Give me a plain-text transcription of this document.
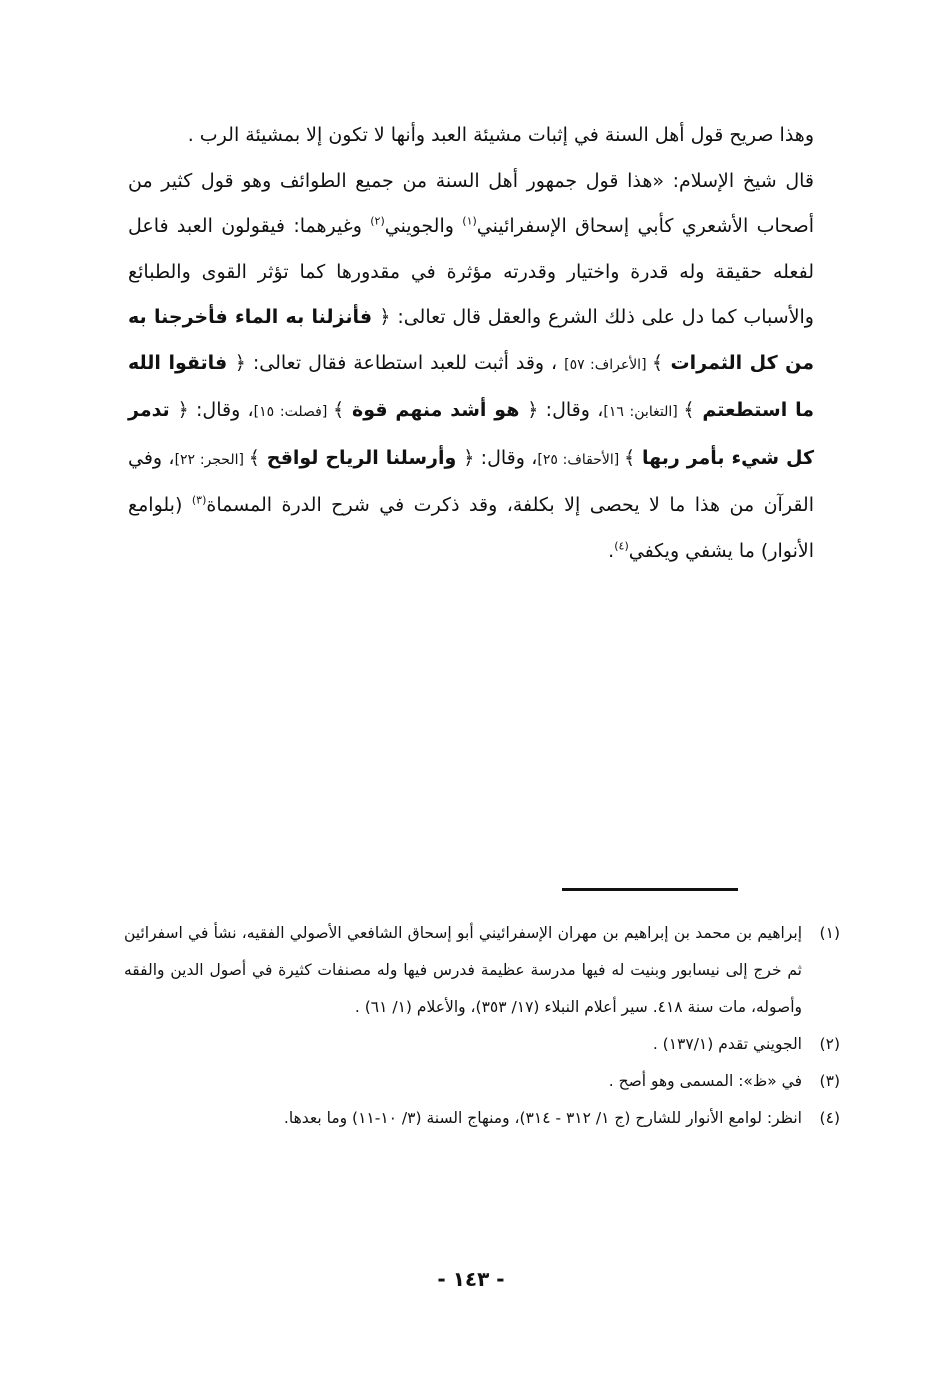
وهذا صريح قول أهل السنة في إثبات مشيئة العبد وأنها لا تكون إلا بمشيئة الرب .

قال شيخ الإسلام: «هذا قول جمهور أهل السنة من جميع الطوائف وهو قول كثير من أصحاب الأشعري كأبي إسحاق الإسفرائيني$^{(١)}$ والجويني$^{(٢)}$ وغيرهما: فيقولون العبد فاعل لفعله حقيقة وله قدرة واختيار وقدرته مؤثرة في مقدورها كما تؤثر القوى والطبائع والأسباب كما دل على ذلك الشرع والعقل قال تعالى: ﴿ فأنزلنا به الماء فأخرجنا به من كل الثمرات ﴾ [الأعراف: ٥٧] ، وقد أثبت للعبد استطاعة فقال تعالى: ﴿ فاتقوا الله ما استطعتم ﴾ [التغابن: ١٦]، وقال: ﴿ هو أشد منهم قوة ﴾ [فصلت: ١٥]، وقال: ﴿ تدمر كل شيء بأمر ربها ﴾ [الأحقاف: ٢٥]، وقال: ﴿ وأرسلنا الرياح لواقح ﴾ [الحجر: ٢٢]، وفي القرآن من هذا ما لا يحصى إلا بكلفة، وقد ذكرت في شرح الدرة المسماة$^{(٣)}$ (بلوامع الأنوار) ما يشفي ويكفي$^{(٤)}$.

(١)
إبراهيم بن محمد بن إبراهيم بن مهران الإسفرائيني أبو إسحاق الشافعي الأصولي الفقيه، نشأ في اسفرائين ثم خرج إلى نيسابور وبنيت له فيها مدرسة عظيمة فدرس فيها وله مصنفات كثيرة في أصول الدين والفقه وأصوله، مات سنة ٤١٨. سير أعلام النبلاء (١٧/ ٣٥٣)، والأعلام (١/ ٦١) .
(٢)
الجويني تقدم (١٣٧/١) .
(٣)
في «ظ»: المسمى وهو أصح .
(٤)
انظر: لوامع الأنوار للشارح (ج ١/ ٣١٢ - ٣١٤)، ومنهاج السنة (٣/ ١٠-١١) وما بعدها.
- ١٤٣ -
